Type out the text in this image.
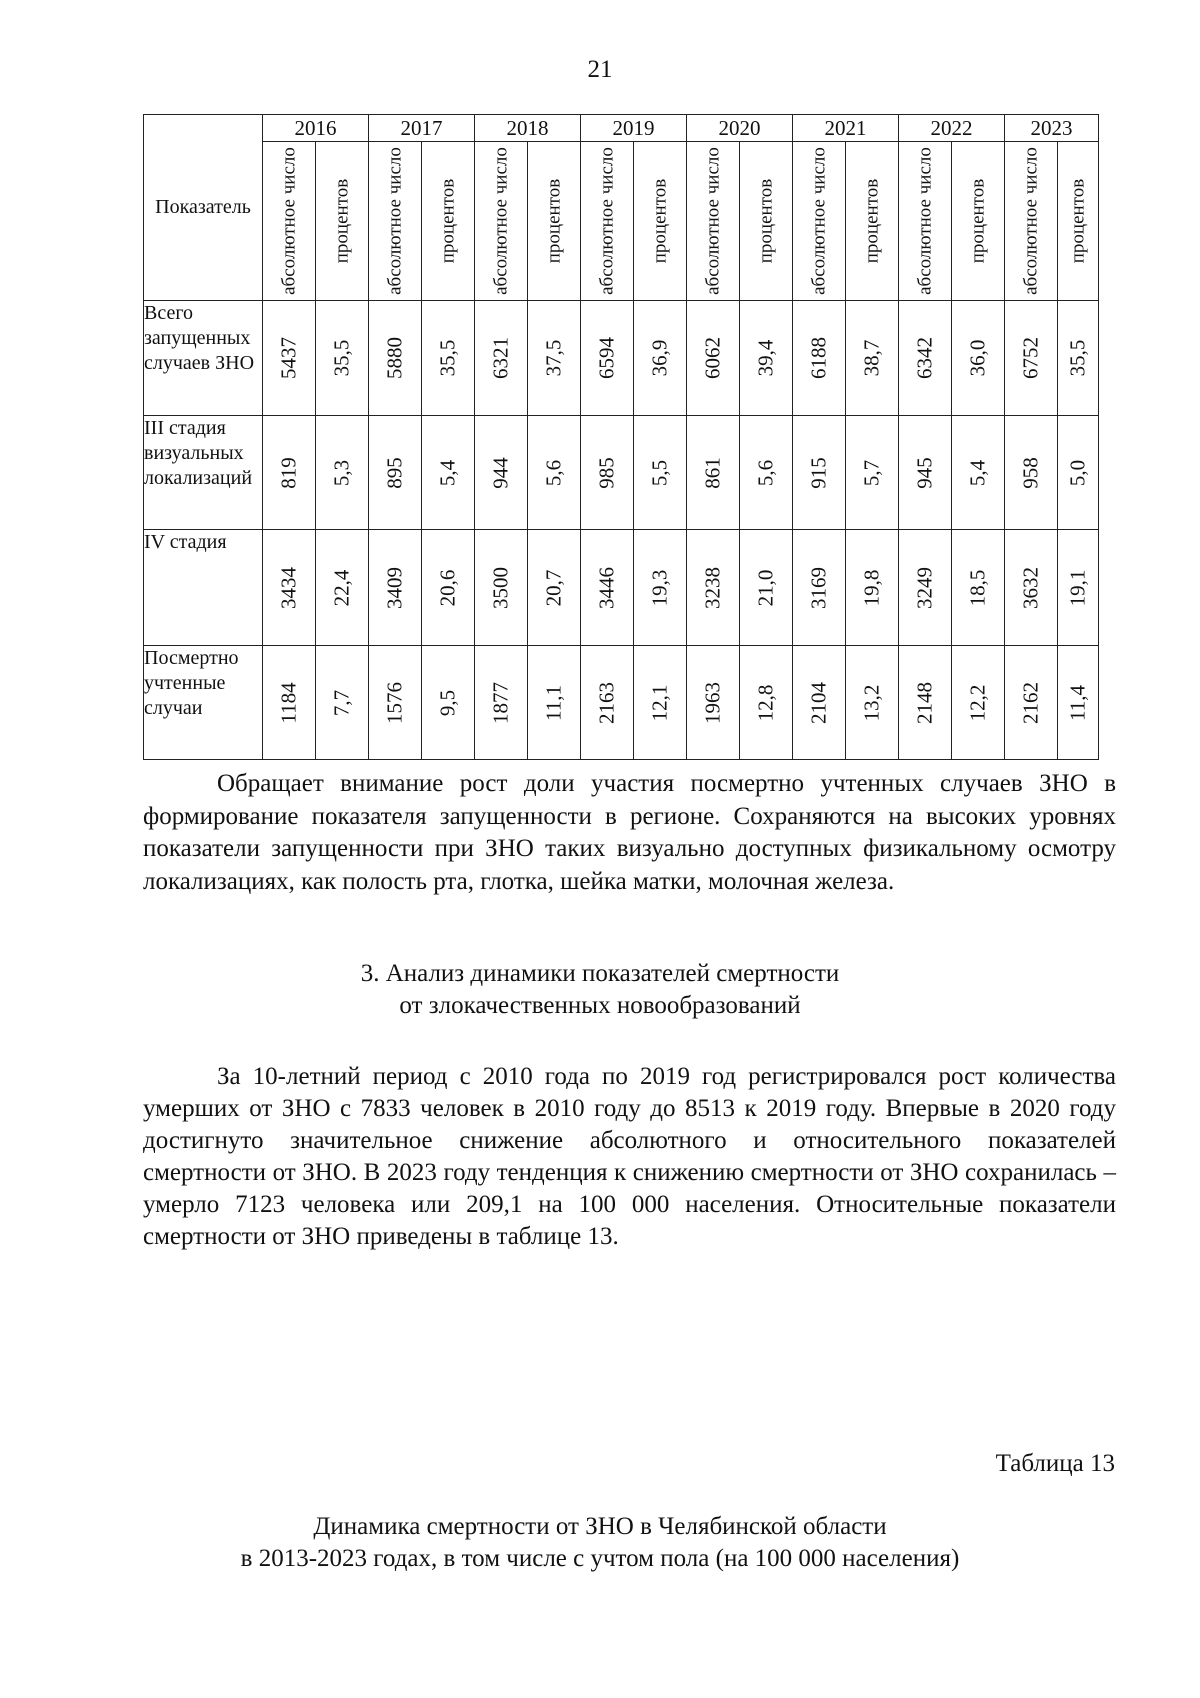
21
Показатель	2016		2017		2018		2019		2020		2021		2022		2023	

	абсолютное число	процентов	абсолютное число	процентов	абсолютное число	процентов	абсолютное число	процентов	абсолютное число	процентов	абсолютное число	процентов	абсолютное число	процентов	абсолютное число	процентов

Всего запущенных случаев ЗНО	5437	35,5	5880	35,5	6321	37,5	6594	36,9	6062	39,4	6188	38,7	6342	36,0	6752	35,5

III стадия визуальных локализаций	819	5,3	895	5,4	944	5,6	985	5,5	861	5,6	915	5,7	945	5,4	958	5,0

IV стадия	3434	22,4	3409	20,6	3500	20,7	3446	19,3	3238	21,0	3169	19,8	3249	18,5	3632	19,1

Посмертно учтенные случаи	1184	7,7	1576	9,5	1877	11,1	2163	12,1	1963	12,8	2104	13,2	2148	12,2	2162	11,4

Обращает внимание рост доли участия посмертно учтенных случаев ЗНО в формирование показателя запущенности в регионе. Сохраняются на высоких уровнях показатели запущенности при ЗНО таких визуально доступных физикальному осмотру локализациях, как полость рта, глотка, шейка матки, молочная железа.

3. Анализ динамики показателей смертности
от злокачественных новообразований

За 10-летний период с 2010 года по 2019 год регистрировался рост количества умерших от ЗНО с 7833 человек в 2010 году до 8513 к 2019 году. Впервые в 2020 году достигнуто значительное снижение абсолютного и относительного показателей смертности от ЗНО. В 2023 году тенденция к снижению смертности от ЗНО сохранилась – умерло 7123 человека или 209,1 на 100 000 населения. Относительные показатели смертности от ЗНО приведены в таблице 13.

Таблица 13
Динамика смертности от ЗНО в Челябинской области
в 2013-2023 годах, в том числе с учтом пола (на 100 000 населения)
